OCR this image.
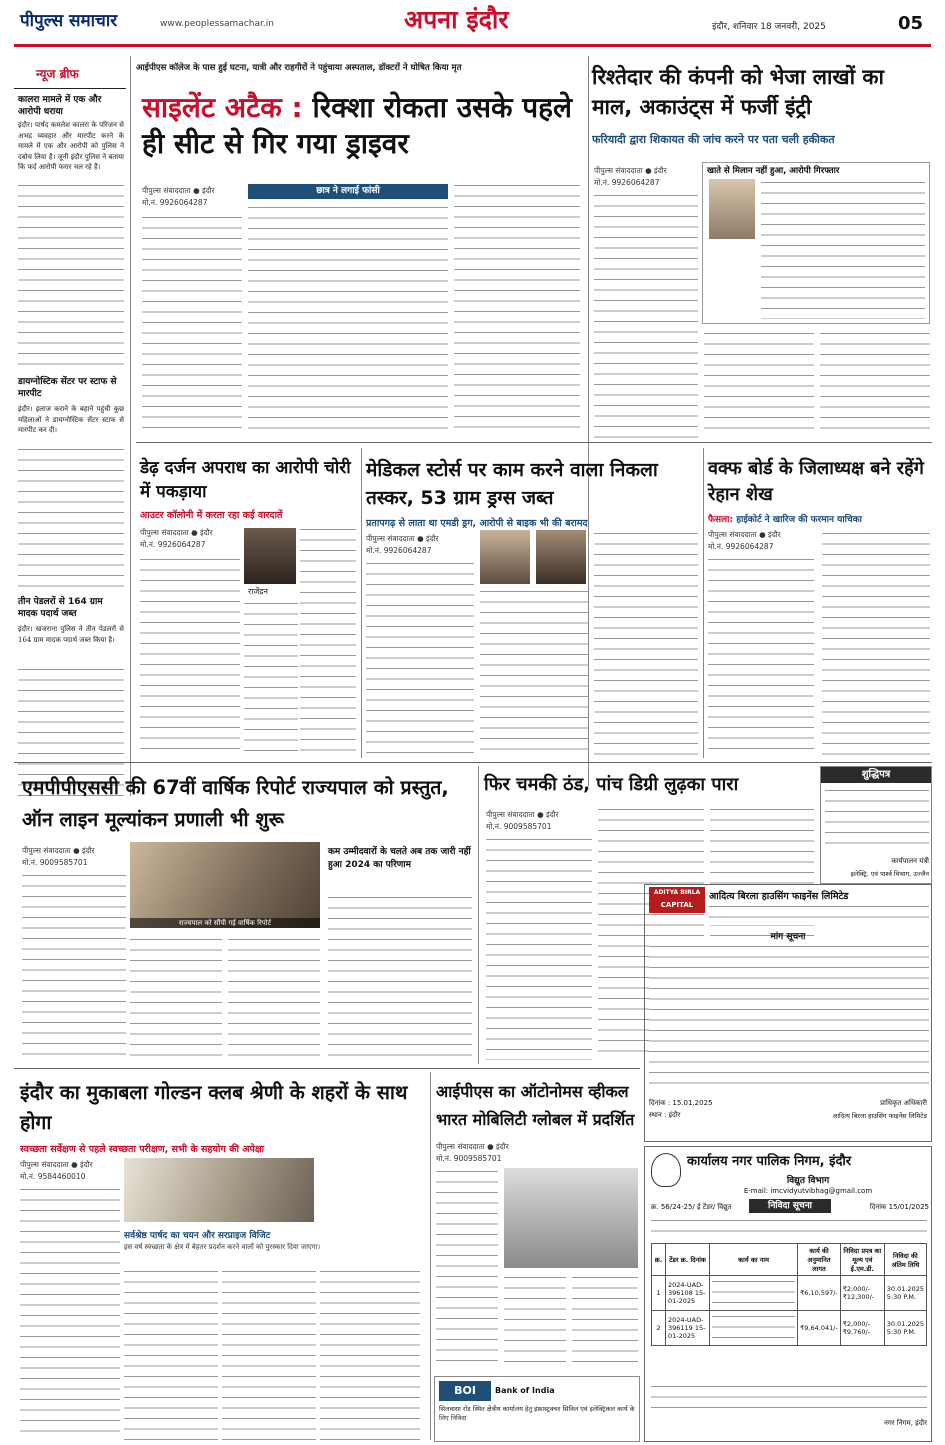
पीपुल्स समाचार	www.peoplessamachar.in	अपना इंदौर	इंदौर, शनिवार 18 जनवरी, 2025	05
न्यूज ब्रीफ
कालरा मामले में एक और आरोपी धराया
इंदौर। पार्षद कमलेश कालरा के परिजन से अभद्र व्यवहार और मारपीट करने के मामले में एक और आरोपी को पुलिस ने दबोच लिया है। जूनी इंदौर पुलिस ने बताया कि फर्द आरोपी फरार चल रहे हैं।
डायग्नोस्टिक सेंटर पर स्टाफ से मारपीट
इंदौर। इलाज कराने के बहाने पहुंची कुछ महिलाओं ने डायग्नोस्टिक सेंटर स्टाफ से मारपीट कर दी।
तीन पेडलरों से 164 ग्राम मादक पदार्थ जब्त
इंदौर। खजराना पुलिस ने तीन पेडलरों से 164 ग्राम मादक पदार्थ जब्त किया है।
आईपीएस कॉलेज के पास हुई घटना, यात्री और राहगीरों ने पहुंचाया अस्पताल, डॉक्टरों ने घोषित किया मृत
साइलेंट अटैक : रिक्शा रोकता उसके पहले ही सीट से गिर गया ड्राइवर
पीपुल्स संवाददाता ● इंदौर
मो.नं. 9926064287
छात्र ने लगाई फांसी
रिश्तेदार की कंपनी को भेजा लाखों का माल, अकाउंट्स में फर्जी इंट्री
फरियादी द्वारा शिकायत की जांच करने पर पता चली हकीकत
पीपुल्स संवाददाता ● इंदौर
मो.नं. 9926064287
खाते से मिलान नहीं हुआ, आरोपी गिरफ्तार
डेढ़ दर्जन अपराध का आरोपी चोरी में पकड़ाया
आउटर कॉलोनी में करता रहा कई वारदातें
पीपुल्स संवाददाता ● इंदौर
मो.नं. 9926064287
राजेंद्रन
मेडिकल स्टोर्स पर काम करने वाला निकला तस्कर, 53 ग्राम ड्रग्स जब्त
प्रतापगढ़ से लाता था एमडी ड्रग, आरोपी से बाइक भी की बरामद
पीपुल्स संवाददाता ● इंदौर
मो.नं. 9926064287
वक्फ बोर्ड के जिलाध्यक्ष बने रहेंगे रेहान शेख
फैसला: हाईकोर्ट ने खारिज की फरमान याचिका
पीपुल्स संवाददाता ● इंदौर
मो.नं. 9926064287
एमपीपीएससी की 67वीं वार्षिक रिपोर्ट राज्यपाल को प्रस्तुत, ऑन लाइन मूल्यांकन प्रणाली भी शुरू
पीपुल्स संवाददाता ● इंदौर
मो.नं. 9009585701
राज्यपाल को सौंपी गई वार्षिक रिपोर्ट
कम उम्मीदवारों के चलते अब तक जारी नहीं हुआ 2024 का परिणाम
फिर चमकी ठंड, पांच डिग्री लुढ़का पारा
पीपुल्स संवाददाता ● इंदौर
मो.नं. 9009585701
शुद्धिपत्र
कार्यपालन यंत्री
इलेक्ट्रि. एवं पार्श्व विभाग, उज्जैन
ADITYA BIRLA
CAPITAL
आदित्य बिरला हाउसिंग फाइनेंस लिमिटेड
मांग सूचना
दिनांक : 15.01.2025
स्थान : इंदौर
प्राधिकृत अधिकारी
आदित्य बिरला हाउसिंग फाइनेंस लिमिटेड
इंदौर का मुकाबला गोल्डन क्लब श्रेणी के शहरों के साथ होगा
स्वच्छता सर्वेक्षण से पहले स्वच्छता परीक्षण, सभी के सहयोग की अपेक्षा
पीपुल्स संवाददाता ● इंदौर
मो.नं. 9584460010
सर्वश्रेष्ठ पार्षद का चयन और सरप्राइज विजिट
इस वर्ष स्वच्छता के क्षेत्र में बेहतर प्रदर्शन करने वालों को पुरस्कार दिया जाएगा।
आईपीएस का ऑटोनोमस व्हीकल भारत मोबिलिटी ग्लोबल में प्रदर्शित
पीपुल्स संवाददाता ● इंदौर
मो.नं. 9009585701
BOI	Bank of India
सिलवासा रोड स्थित क्षेत्रीय कार्यालय हेतु इंफ्रास्ट्रक्चर सिविल एवं इलेक्ट्रिकल कार्य के लिए निविदा
कार्यालय नगर पालिक निगम, इंदौर
विद्युत विभाग
E-mail: imcvidyutvibhag@gmail.com
क्र. 56/24-25/ ई टेंडर/ विद्युत	निविदा सूचना	दिनांक 15/01/2025
क्र.	टेंडर क्र. दिनांक	कार्य का नाम	कार्य की अनुमानित लागत	निविदा प्रपत्र का मूल्य एवं ई.एम.डी.	निविदा की अंतिम तिथि
1	2024-UAD-396108 15-01-2025		₹6,10,597/-	₹2,000/- ₹12,300/-	30.01.2025 5:30 P.M.
2	2024-UAD-396119 15-01-2025		₹9,64,041/-	₹2,000/- ₹9,760/-	30.01.2025 5:30 P.M.
नगर निगम, इंदौर
